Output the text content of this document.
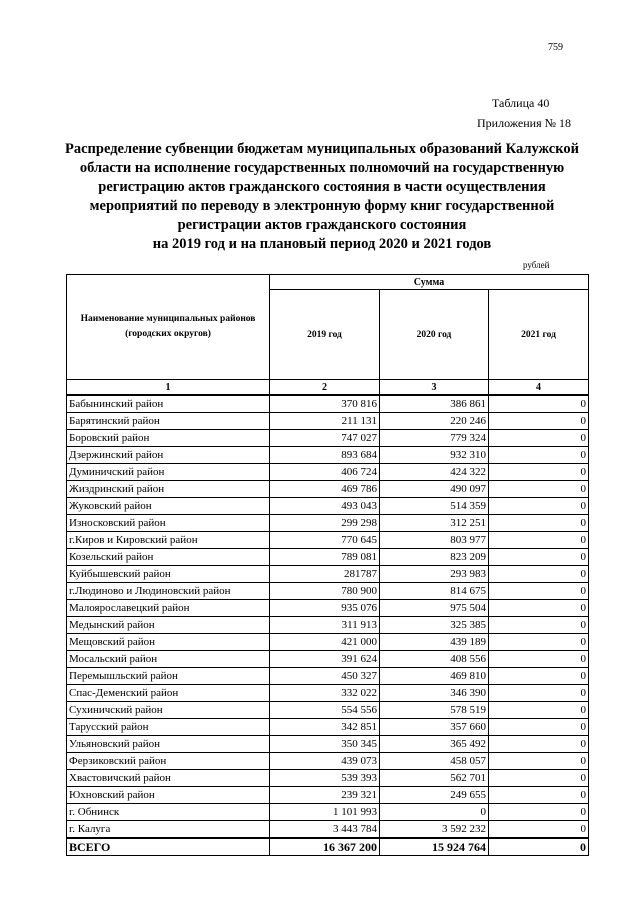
759
Таблица 40
Приложения № 18
Распределение субвенции бюджетам муниципальных образований Калужской
области на исполнение государственных полномочий на государственную
регистрацию актов гражданского состояния в части осуществления
мероприятий по переводу в электронную форму книг государственной
регистрации актов гражданского состояния
на 2019 год и на плановый период 2020 и 2021 годов
рублей
Наименование муниципальных районов (городских округов)	Сумма		
	2019 год	2020 год	2021 год
1	2	3	4
Бабынинский район	370 816	386 861	0
Барятинский район	211 131	220 246	0
Боровский район	747 027	779 324	0
Дзержинский район	893 684	932 310	0
Думиничский район	406 724	424 322	0
Жиздринский район	469 786	490 097	0
Жуковский район	493 043	514 359	0
Износковский район	299 298	312 251	0
г.Киров и Кировский район	770 645	803 977	0
Козельский район	789 081	823 209	0
Куйбышевский район	281787	293 983	0
г.Людиново и Людиновский район	780 900	814 675	0
Малоярославецкий район	935 076	975 504	0
Медынский район	311 913	325 385	0
Мещовский район	421 000	439 189	0
Мосальский район	391 624	408 556	0
Перемышльский район	450 327	469 810	0
Спас-Деменский район	332 022	346 390	0
Сухиничский район	554 556	578 519	0
Тарусский район	342 851	357 660	0
Ульяновский район	350 345	365 492	0
Ферзиковский район	439 073	458 057	0
Хвастовичский район	539 393	562 701	0
Юхновский район	239 321	249 655	0
г. Обнинск	1 101 993	0	0
г. Калуга	3 443 784	3 592 232	0
ВСЕГО	16 367 200	15 924 764	0
